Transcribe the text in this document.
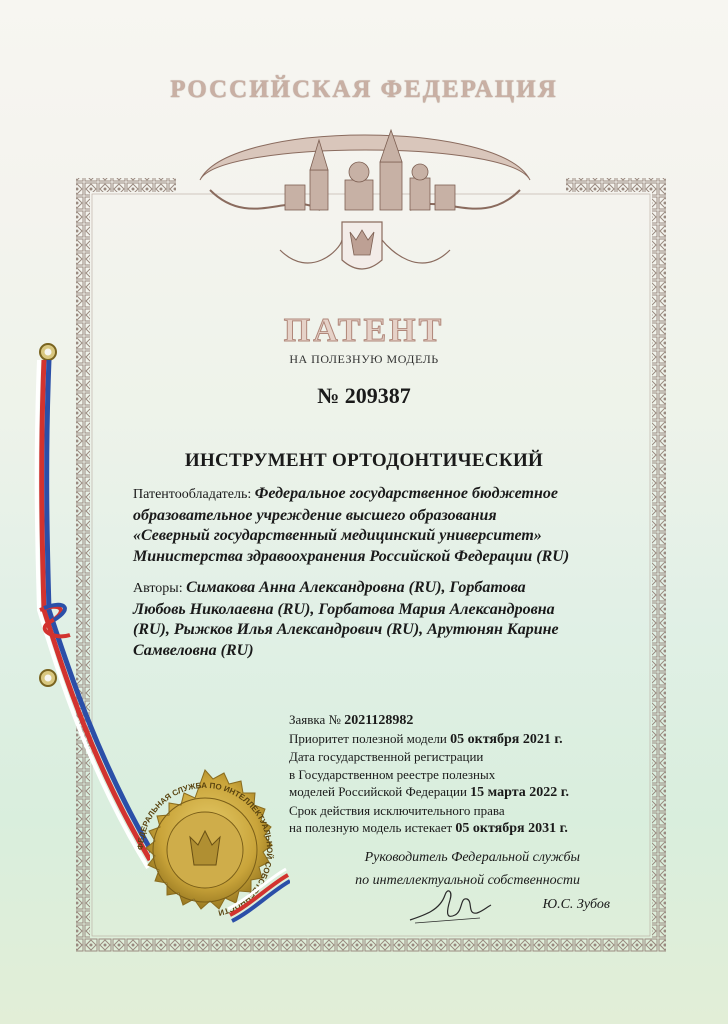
РОССИЙСКАЯ ФЕДЕРАЦИЯ
ПАТЕНТ
НА ПОЛЕЗНУЮ МОДЕЛЬ
№ 209387
ИНСТРУМЕНТ ОРТОДОНТИЧЕСКИЙ
Патентообладатель: Федеральное государственное бюджетное
образовательное учреждение высшего образования
«Северный государственный медицинский университет»
Министерства здравоохранения Российской Федерации (RU)
Авторы: Симакова Анна Александровна (RU), Горбатова
Любовь Николаевна (RU), Горбатова Мария Александровна
(RU), Рыжков Илья Александрович (RU), Арутюнян Карине
Самвеловна (RU)
Заявка № 2021128982
Приоритет полезной модели 05 октября 2021 г.
Дата государственной регистрации
в Государственном реестре полезных
моделей Российской Федерации 15 марта 2022 г.
Срок действия исключительного права
на полезную модель истекает 05 октября 2031 г.
Руководитель Федеральной службы
по интеллектуальной собственности
Ю.С. Зубов
ФЕДЕРАЛЬНАЯ СЛУЖБА ПО ИНТЕЛЛЕКТУАЛЬНОЙ СОБСТВЕННОСТИ
